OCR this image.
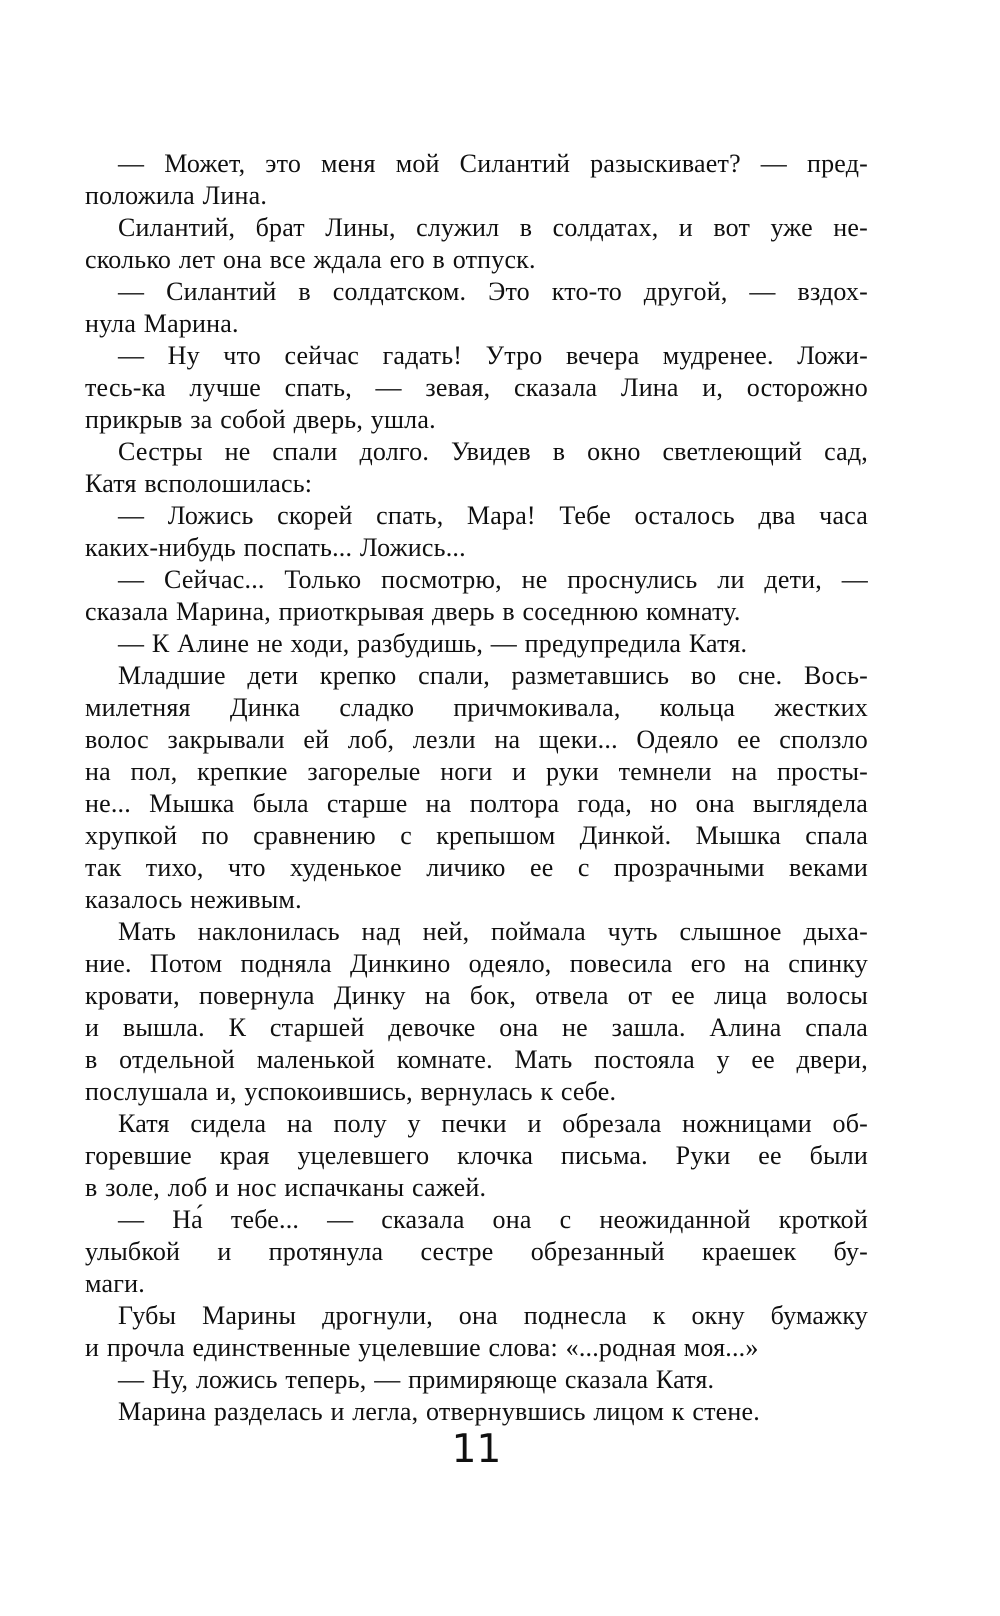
— Может, это меня мой Силантий разыскивает? — пред-
положила Лина.
Силантий, брат Лины, служил в солдатах, и вот уже не-
сколько лет она все ждала его в отпуск.
— Силантий в солдатском. Это кто-то другой, — вздох-
нула Марина.
— Ну что сейчас гадать! Утро вечера мудренее. Ложи-
тесь-ка лучше спать, — зевая, сказала Лина и, осторожно
прикрыв за собой дверь, ушла.
Сестры не спали долго. Увидев в окно светлеющий сад,
Катя всполошилась:
— Ложись скорей спать, Мара! Тебе осталось два часа
каких-нибудь поспать... Ложись...
— Сейчас... Только посмотрю, не проснулись ли дети, —
сказала Марина, приоткрывая дверь в соседнюю комнату.
— К Алине не ходи, разбудишь, — предупредила Катя.
Младшие дети крепко спали, разметавшись во сне. Вось-
милетняя Динка сладко причмокивала, кольца жестких
волос закрывали ей лоб, лезли на щеки... Одеяло ее сползло
на пол, крепкие загорелые ноги и руки темнели на просты-
не... Мышка была старше на полтора года, но она выглядела
хрупкой по сравнению с крепышом Динкой. Мышка спала
так тихо, что худенькое личико ее с прозрачными веками
казалось неживым.
Мать наклонилась над ней, поймала чуть слышное дыха-
ние. Потом подняла Динкино одеяло, повесила его на спинку
кровати, повернула Динку на бок, отвела от ее лица волосы
и вышла. К старшей девочке она не зашла. Алина спала
в отдельной маленькой комнате. Мать постояла у ее двери,
послушала и, успокоившись, вернулась к себе.
Катя сидела на полу у печки и обрезала ножницами об-
горевшие края уцелевшего клочка письма. Руки ее были
в золе, лоб и нос испачканы сажей.
— На́ тебе... — сказала она с неожиданной кроткой
улыбкой и протянула сестре обрезанный краешек бу-
маги.
Губы Марины дрогнули, она поднесла к окну бумажку
и прочла единственные уцелевшие слова: «...родная моя...»
— Ну, ложись теперь, — примиряюще сказала Катя.
Марина разделась и легла, отвернувшись лицом к стене.
11
